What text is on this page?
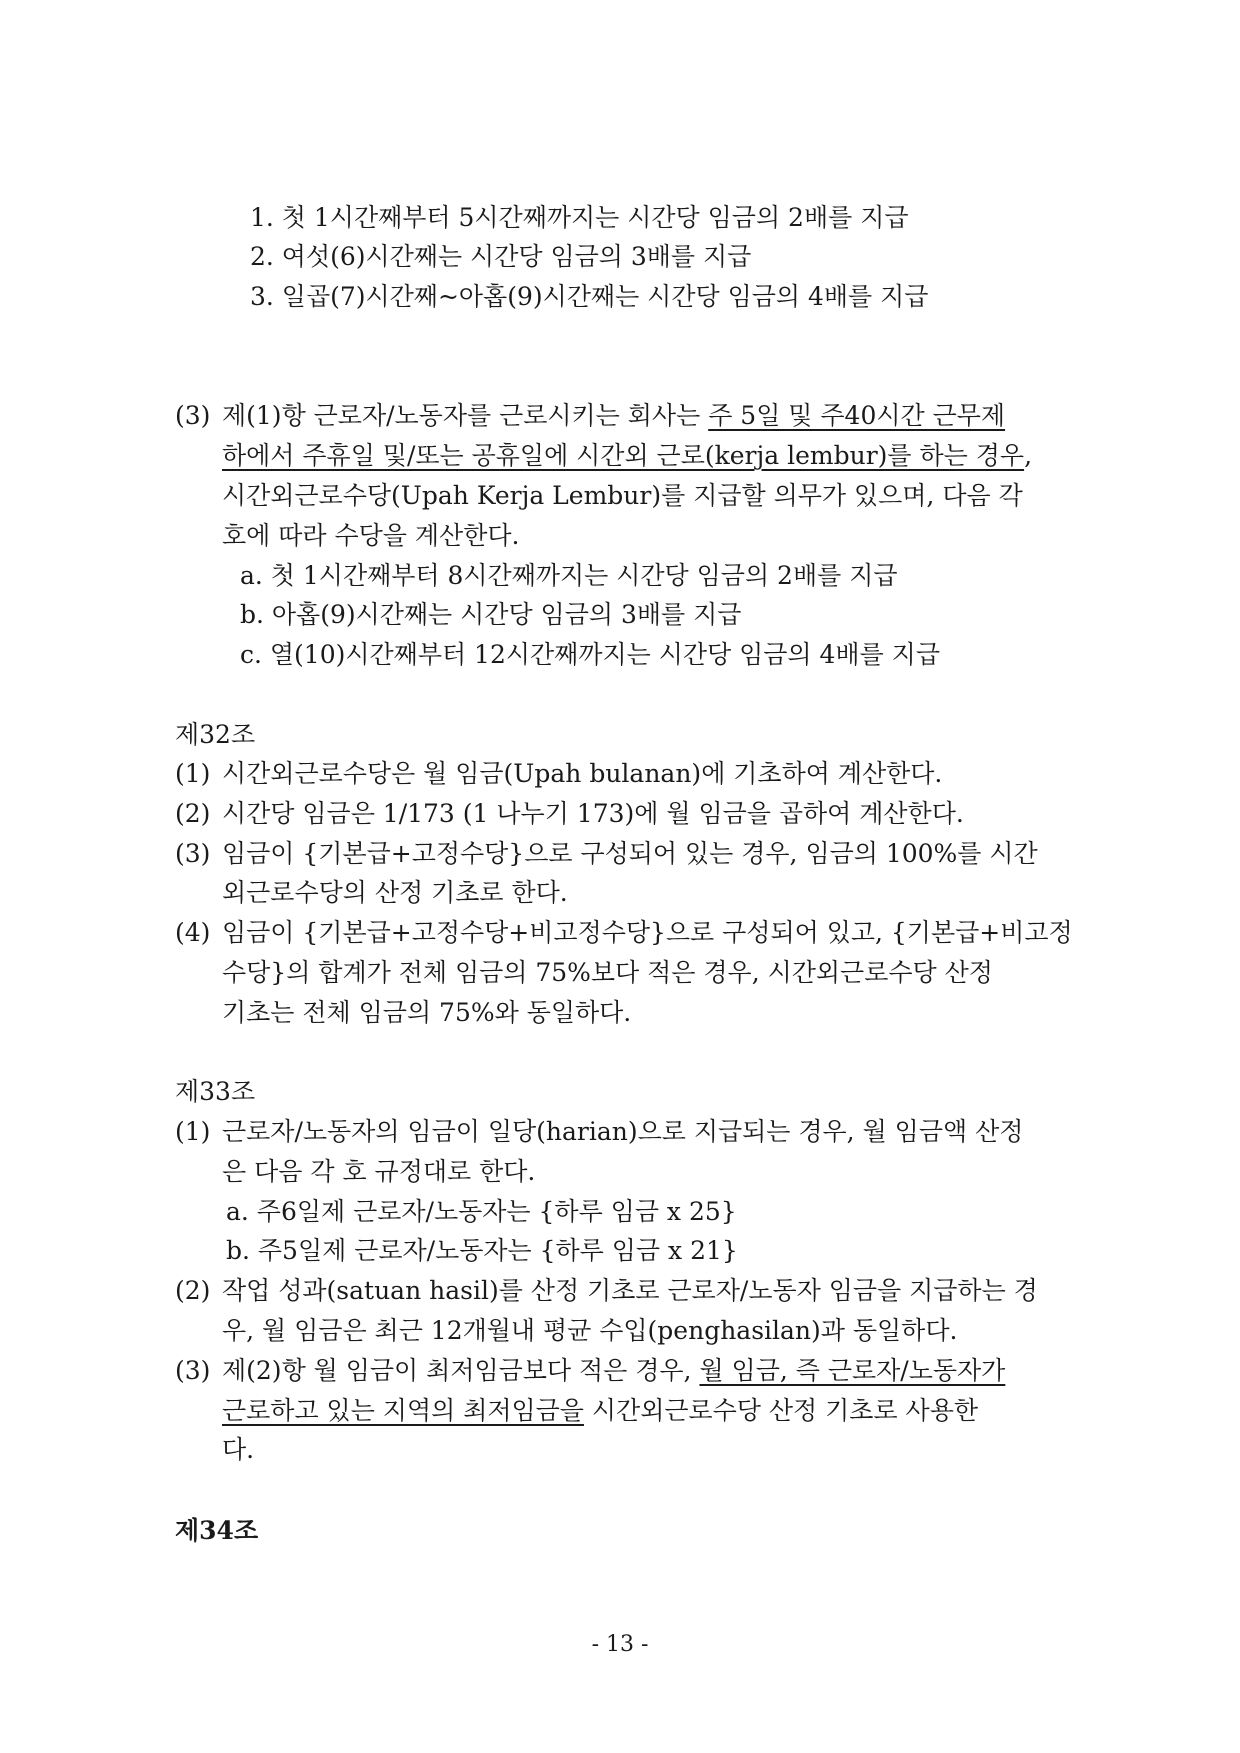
1. 첫 1시간째부터 5시간째까지는 시간당 임금의 2배를 지급
2. 여섯(6)시간째는 시간당 임금의 3배를 지급
3. 일곱(7)시간째~아홉(9)시간째는 시간당 임금의 4배를 지급
(3) 제(1)항 근로자/노동자를 근로시키는 회사는 주 5일 및 주40시간 근무제
하에서 주휴일 및/또는 공휴일에 시간외 근로(kerja lembur)를 하는 경우,
시간외근로수당(Upah Kerja Lembur)를 지급할 의무가 있으며, 다음 각
호에 따라 수당을 계산한다.
a. 첫 1시간째부터 8시간째까지는 시간당 임금의 2배를 지급
b. 아홉(9)시간째는 시간당 임금의 3배를 지급
c. 열(10)시간째부터 12시간째까지는 시간당 임금의 4배를 지급
제32조
(1) 시간외근로수당은 월 임금(Upah bulanan)에 기초하여 계산한다.
(2) 시간당 임금은 1/173 (1 나누기 173)에 월 임금을 곱하여 계산한다.
(3) 임금이 {기본급+고정수당}으로 구성되어 있는 경우, 임금의 100%를 시간
외근로수당의 산정 기초로 한다.
(4) 임금이 {기본급+고정수당+비고정수당}으로 구성되어 있고, {기본급+비고정
수당}의 합계가 전체 임금의 75%보다 적은 경우, 시간외근로수당 산정
기초는 전체 임금의 75%와 동일하다.
제33조
(1) 근로자/노동자의 임금이 일당(harian)으로 지급되는 경우, 월 임금액 산정
은 다음 각 호 규정대로 한다.
a. 주6일제 근로자/노동자는 {하루 임금 x 25}
b. 주5일제 근로자/노동자는 {하루 임금 x 21}
(2) 작업 성과(satuan hasil)를 산정 기초로 근로자/노동자 임금을 지급하는 경
우, 월 임금은 최근 12개월내 평균 수입(penghasilan)과 동일하다.
(3) 제(2)항 월 임금이 최저임금보다 적은 경우, 월 임금, 즉 근로자/노동자가
근로하고 있는 지역의 최저임금을 시간외근로수당 산정 기초로 사용한
다.
제34조
- 13 -
